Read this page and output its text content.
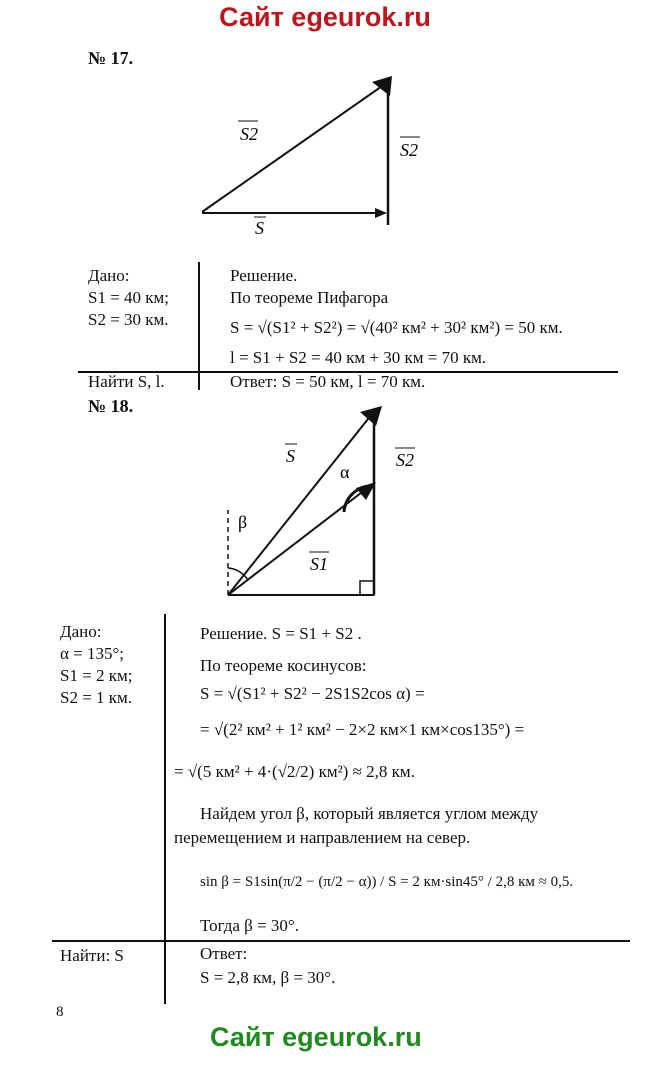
Сайт egeurok.ru
№ 17.
S2
S2
S
Дано:
S1 = 40 км;
S2 = 30 км.
Найти S, l.
Решение.
По теореме Пифагора
S = √(S1² + S2²) = √(40² км² + 30² км²) = 50 км.
l = S1 + S2 = 40 км + 30 км = 70 км.
Ответ: S = 50 км, l = 70 км.
№ 18.
S	S2
S1
α
β
Дано:
α = 135°;
S1 = 2 км;
S2 = 1 км.
Найти: S
Решение. S = S1 + S2 .
По теореме косинусов:
S = √(S1² + S2² − 2S1S2cos α) =
= √(2² км² + 1² км² − 2×2 км×1 км×cos135°) =
= √(5 км² + 4·(√2/2) км²) ≈ 2,8 км.
Найдем угол β, который является углом между
перемещением и направлением на север.
sin β = S1sin(π/2 − (π/2 − α)) / S = 2 км·sin45° / 2,8 км ≈ 0,5.
Тогда β = 30°.
Ответ:
S = 2,8 км, β = 30°.
8
Сайт egeurok.ru
